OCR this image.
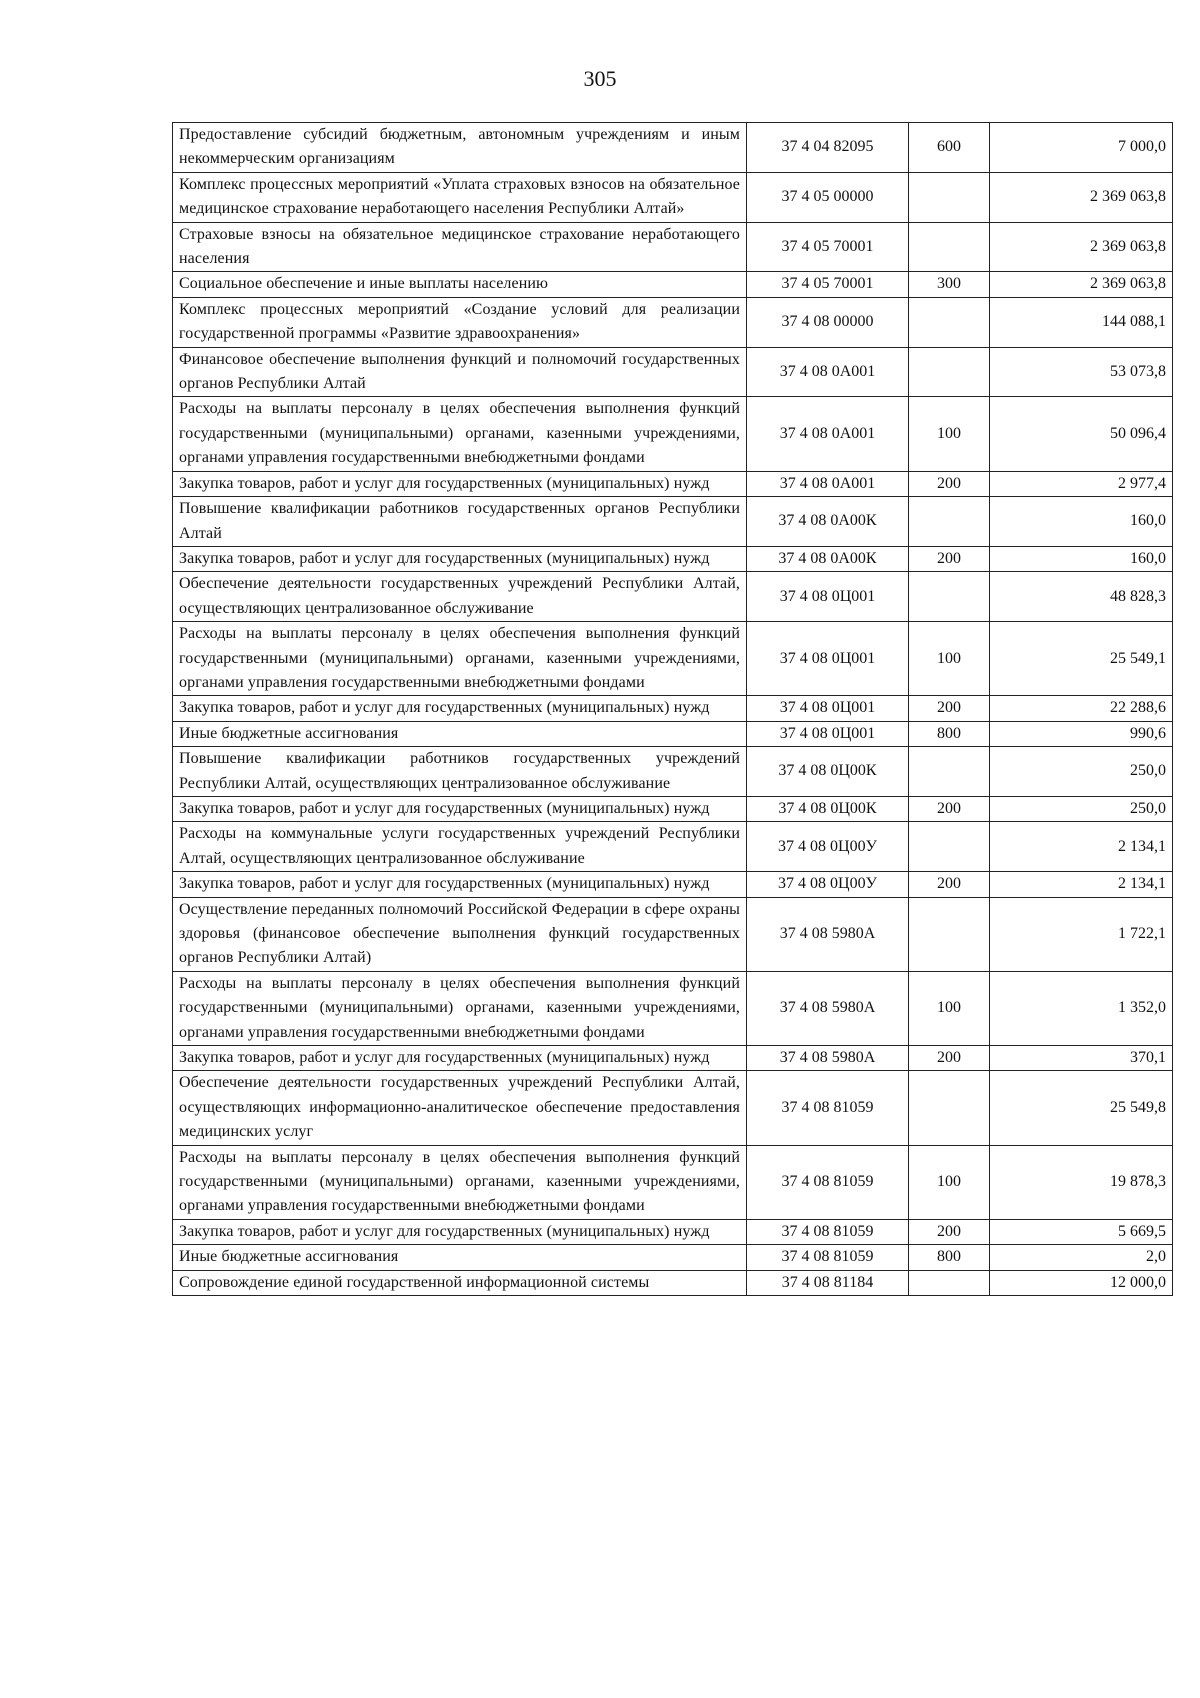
305
Предоставление субсидий бюджетным, автономным учреждениям и иным некоммерческим организациям	37 4 04 82095	600	7 000,0
Комплекс процессных мероприятий «Уплата страховых взносов на обязательное медицинское страхование неработающего населения Республики Алтай»	37 4 05 00000		2 369 063,8
Страховые взносы на обязательное медицинское страхование неработающего населения	37 4 05 70001		2 369 063,8
Социальное обеспечение и иные выплаты населению	37 4 05 70001	300	2 369 063,8
Комплекс процессных мероприятий «Создание условий для реализации государственной программы «Развитие здравоохранения»	37 4 08 00000		144 088,1
Финансовое обеспечение выполнения функций и полномочий государственных органов Республики Алтай	37 4 08 0А001		53 073,8
Расходы на выплаты персоналу в целях обеспечения выполнения функций государственными (муниципальными) органами, казенными учреждениями, органами управления государственными внебюджетными фондами	37 4 08 0А001	100	50 096,4
Закупка товаров, работ и услуг для государственных (муниципальных) нужд	37 4 08 0А001	200	2 977,4
Повышение квалификации работников государственных органов Республики Алтай	37 4 08 0А00К		160,0
Закупка товаров, работ и услуг для государственных (муниципальных) нужд	37 4 08 0А00К	200	160,0
Обеспечение деятельности государственных учреждений Республики Алтай, осуществляющих централизованное обслуживание	37 4 08 0Ц001		48 828,3
Расходы на выплаты персоналу в целях обеспечения выполнения функций государственными (муниципальными) органами, казенными учреждениями, органами управления государственными внебюджетными фондами	37 4 08 0Ц001	100	25 549,1
Закупка товаров, работ и услуг для государственных (муниципальных) нужд	37 4 08 0Ц001	200	22 288,6
Иные бюджетные ассигнования	37 4 08 0Ц001	800	990,6
Повышение квалификации работников государственных учреждений Республики Алтай, осуществляющих централизованное обслуживание	37 4 08 0Ц00К		250,0
Закупка товаров, работ и услуг для государственных (муниципальных) нужд	37 4 08 0Ц00К	200	250,0
Расходы на коммунальные услуги государственных учреждений Республики Алтай, осуществляющих централизованное обслуживание	37 4 08 0Ц00У		2 134,1
Закупка товаров, работ и услуг для государственных (муниципальных) нужд	37 4 08 0Ц00У	200	2 134,1
Осуществление переданных полномочий Российской Федерации в сфере охраны здоровья (финансовое обеспечение выполнения функций государственных органов Республики Алтай)	37 4 08 5980А		1 722,1
Расходы на выплаты персоналу в целях обеспечения выполнения функций государственными (муниципальными) органами, казенными учреждениями, органами управления государственными внебюджетными фондами	37 4 08 5980А	100	1 352,0
Закупка товаров, работ и услуг для государственных (муниципальных) нужд	37 4 08 5980А	200	370,1
Обеспечение деятельности государственных учреждений Республики Алтай, осуществляющих информационно-аналитическое обеспечение предоставления медицинских услуг	37 4 08 81059		25 549,8
Расходы на выплаты персоналу в целях обеспечения выполнения функций государственными (муниципальными) органами, казенными учреждениями, органами управления государственными внебюджетными фондами	37 4 08 81059	100	19 878,3
Закупка товаров, работ и услуг для государственных (муниципальных) нужд	37 4 08 81059	200	5 669,5
Иные бюджетные ассигнования	37 4 08 81059	800	2,0
Сопровождение единой государственной информационной системы	37 4 08 81184		12 000,0
